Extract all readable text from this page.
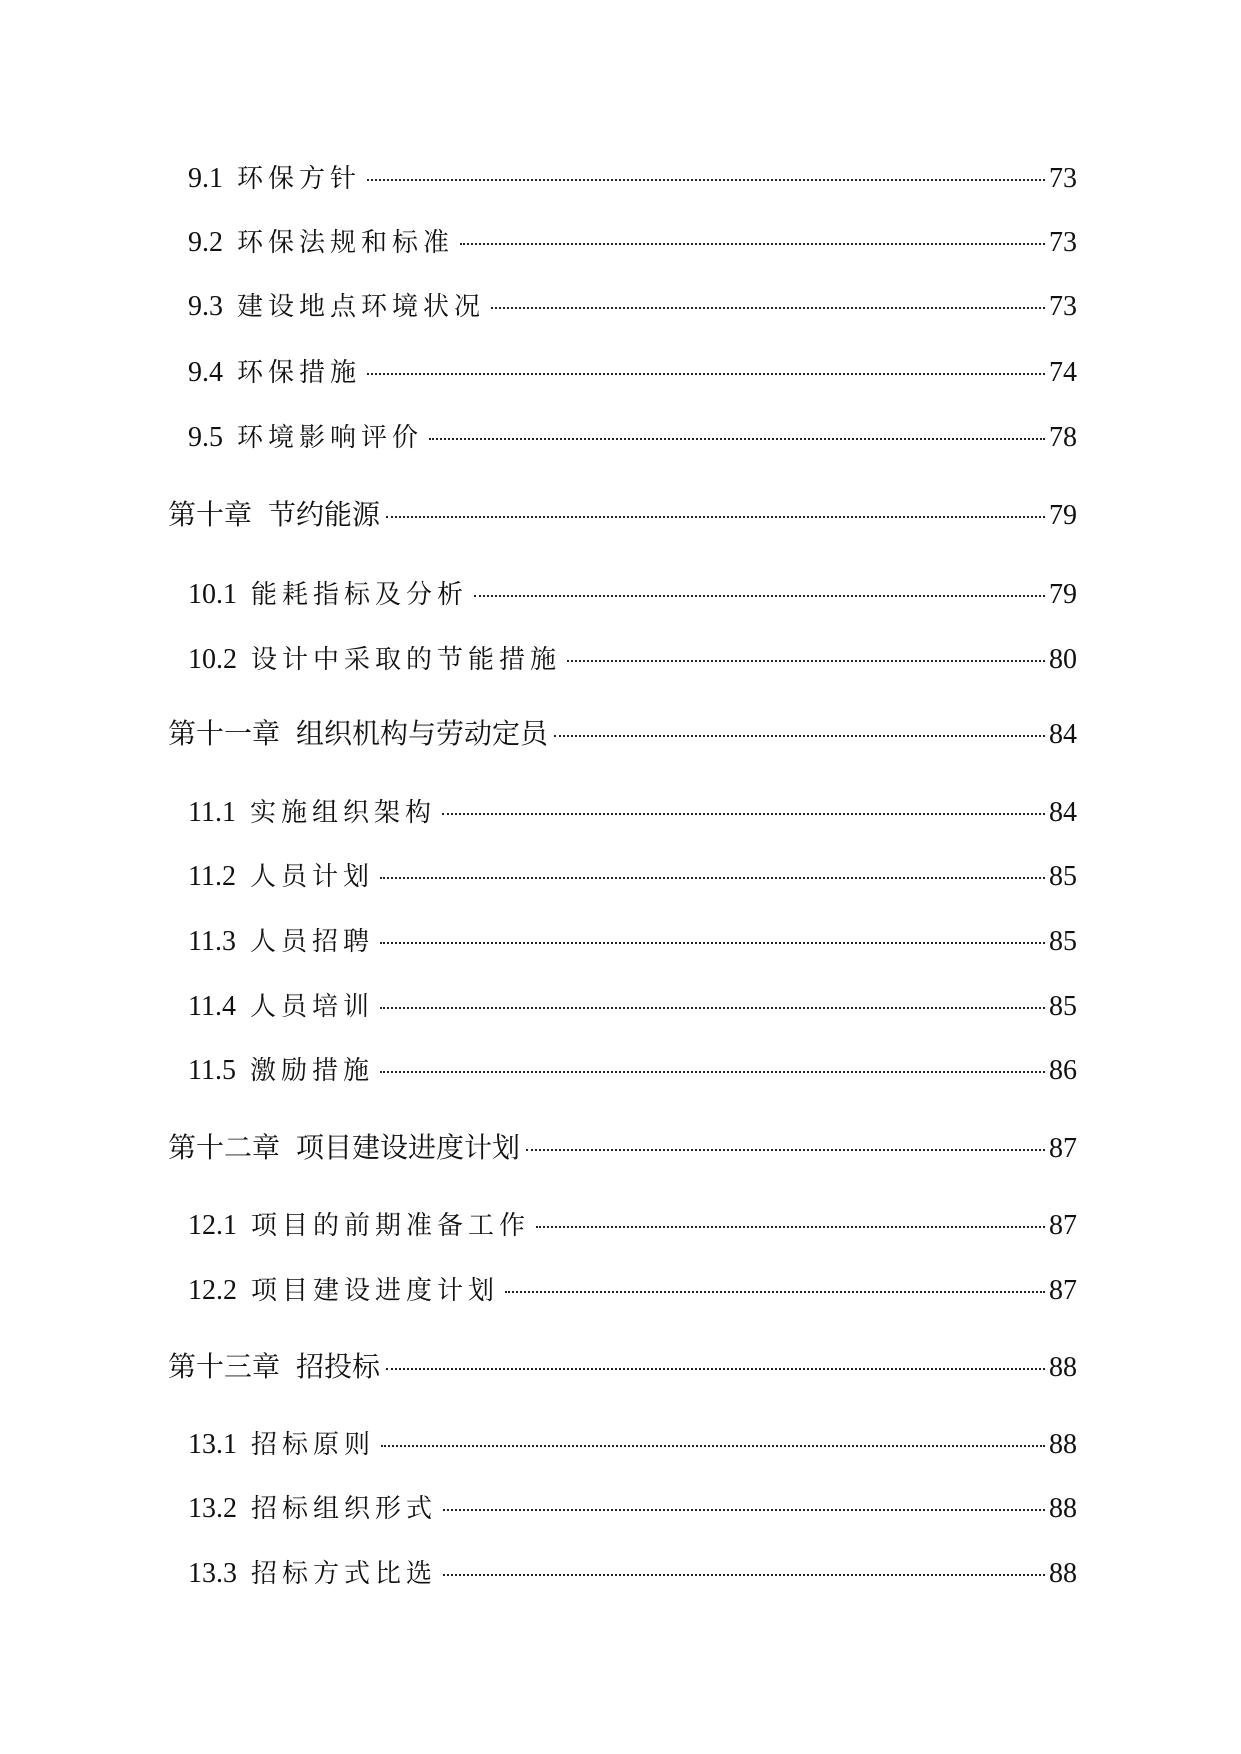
9.1 环保方针	73
9.2 环保法规和标准	73
9.3 建设地点环境状况	73
9.4 环保措施	74
9.5 环境影响评价	78
第十章 节约能源	79
10.1 能耗指标及分析	79
10.2 设计中采取的节能措施	80
第十一章 组织机构与劳动定员	84
11.1 实施组织架构	84
11.2 人员计划	85
11.3 人员招聘	85
11.4 人员培训	85
11.5 激励措施	86
第十二章 项目建设进度计划	87
12.1 项目的前期准备工作	87
12.2 项目建设进度计划	87
第十三章 招投标	88
13.1 招标原则	88
13.2 招标组织形式	88
13.3 招标方式比选	88
